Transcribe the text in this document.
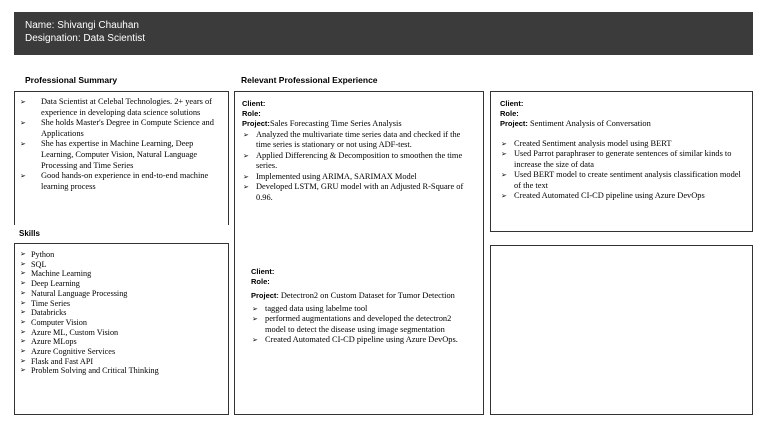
Name: Shivangi Chauhan
Designation: Data Scientist
Professional Summary	Relevant Professional Experience
➢ Data Scientist at Celebal Technologies. 2+ years of experience in developing data science solutions
➢ She holds Master's Degree in Compute Science and Applications
➢ She has expertise in Machine Learning, Deep Learning, Computer Vision, Natural Language Processing and Time Series
➢ Good hands-on experience in end-to-end machine learning process
Skills
➢ Python
➢ SQL
➢ Machine Learning
➢ Deep Learning
➢ Natural Language Processing
➢ Time Series
➢ Databricks
➢ Computer Vision
➢ Azure ML, Custom Vision
➢ Azure MLops
➢ Azure Cognitive Services
➢ Flask and Fast API
➢ Problem Solving and Critical Thinking
Client:
Role:
Project:Sales Forecasting Time Series Analysis
➢ Analyzed the multivariate time series data and checked if the time series is stationary or not using ADF-test.
➢ Applied Differencing & Decomposition to smoothen the time series.
➢ Implemented using ARIMA, SARIMAX Model
➢ Developed LSTM, GRU model with an Adjusted R-Square of 0.96.
Client:
Role:
Project: Detectron2 on Custom Dataset for Tumor Detection
➢ tagged data using labelme tool
➢ performed augmentations and developed the detectron2 model to detect the disease using image segmentation
➢ Created Automated CI-CD pipeline using Azure DevOps.
Client:
Role:
Project: Sentiment Analysis of Conversation
➢ Created Sentiment analysis model using BERT
➢ Used Parrot paraphraser to generate sentences of similar kinds to increase the size of data
➢ Used BERT model to create sentiment analysis classification model of the text
➢ Created Automated CI-CD pipeline using Azure DevOps
